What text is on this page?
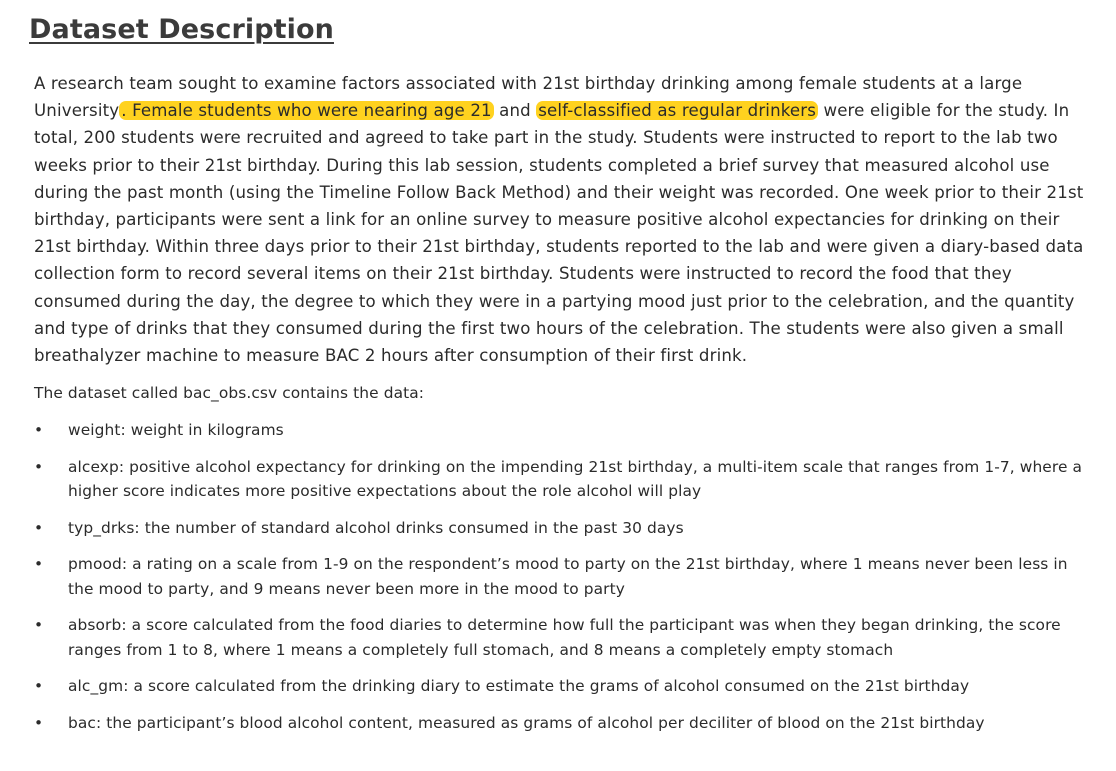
Dataset Description

A research team sought to examine factors associated with 21st birthday drinking among female students at a large University . Female students who were nearing age 21 and self-classified as regular drinkers were eligible for the study. In total, 200 students were recruited and agreed to take part in the study. Students were instructed to report to the lab two weeks prior to their 21st birthday. During this lab session, students completed a brief survey that measured alcohol use during the past month (using the Timeline Follow Back Method) and their weight was recorded. One week prior to their 21st birthday, participants were sent a link for an online survey to measure positive alcohol expectancies for drinking on their 21st birthday. Within three days prior to their 21st birthday, students reported to the lab and were given a diary-based data collection form to record several items on their 21st birthday. Students were instructed to record the food that they consumed during the day, the degree to which they were in a partying mood just prior to the celebration, and the quantity and type of drinks that they consumed during the first two hours of the celebration. The students were also given a small breathalyzer machine to measure BAC 2 hours after consumption of their first drink.

The dataset called bac_obs.csv contains the data:

• weight: weight in kilograms
• alcexp: positive alcohol expectancy for drinking on the impending 21st birthday, a multi-item scale that ranges from 1-7, where a higher score indicates more positive expectations about the role alcohol will play
• typ_drks: the number of standard alcohol drinks consumed in the past 30 days
• pmood: a rating on a scale from 1-9 on the respondent’s mood to party on the 21st birthday, where 1 means never been less in the mood to party, and 9 means never been more in the mood to party
• absorb: a score calculated from the food diaries to determine how full the participant was when they began drinking, the score ranges from 1 to 8, where 1 means a completely full stomach, and 8 means a completely empty stomach
• alc_gm: a score calculated from the drinking diary to estimate the grams of alcohol consumed on the 21st birthday
• bac: the participant’s blood alcohol content, measured as grams of alcohol per deciliter of blood on the 21st birthday
